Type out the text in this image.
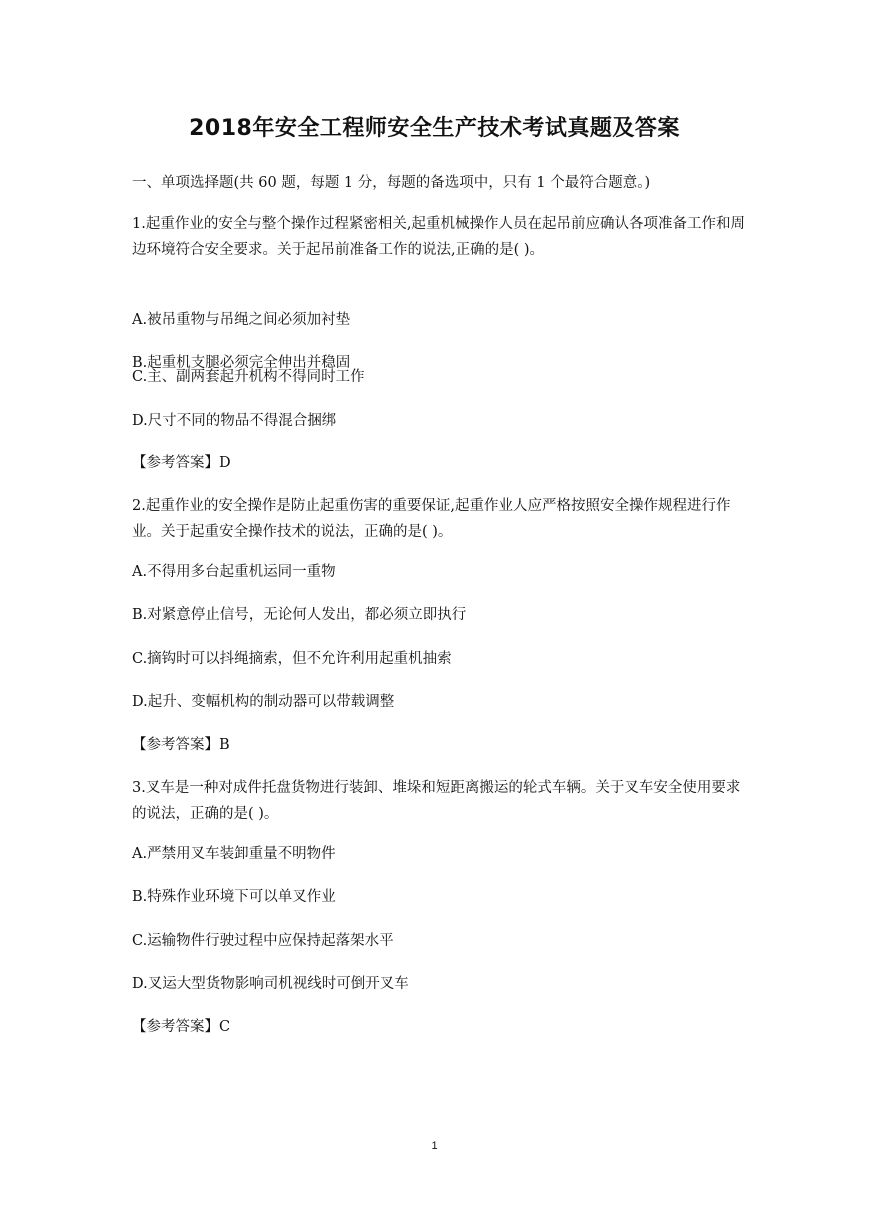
2018年安全工程师安全生产技术考试真题及答案
一、单项选择题(共 60 题，每题 1 分，每题的备选项中，只有 1 个最符合题意。)
1.起重作业的安全与整个操作过程紧密相关,起重机械操作人员在起吊前应确认各项准备工作和周边环境符合安全要求。关于起吊前准备工作的说法,正确的是( )。
A.被吊重物与吊绳之间必须加衬垫
B.起重机支腿必须完全伸出并稳固
C.主、副两套起升机构不得同时工作
D.尺寸不同的物品不得混合捆绑
【参考答案】D
2.起重作业的安全操作是防止起重伤害的重要保证,起重作业人应严格按照安全操作规程进行作业。关于起重安全操作技术的说法，正确的是( )。
A.不得用多台起重机运同一重物
B.对紧意停止信号，无论何人发出，都必须立即执行
C.摘钩时可以抖绳摘索，但不允许利用起重机抽索
D.起升、变幅机构的制动器可以带载调整
【参考答案】B
3.叉车是一种对成件托盘货物进行装卸、堆垛和短距离搬运的轮式车辆。关于叉车安全使用要求的说法，正确的是( )。
A.严禁用叉车装卸重量不明物件
B.特殊作业环境下可以单叉作业
C.运输物件行驶过程中应保持起落架水平
D.叉运大型货物影响司机视线时可倒开叉车
【参考答案】C
1
